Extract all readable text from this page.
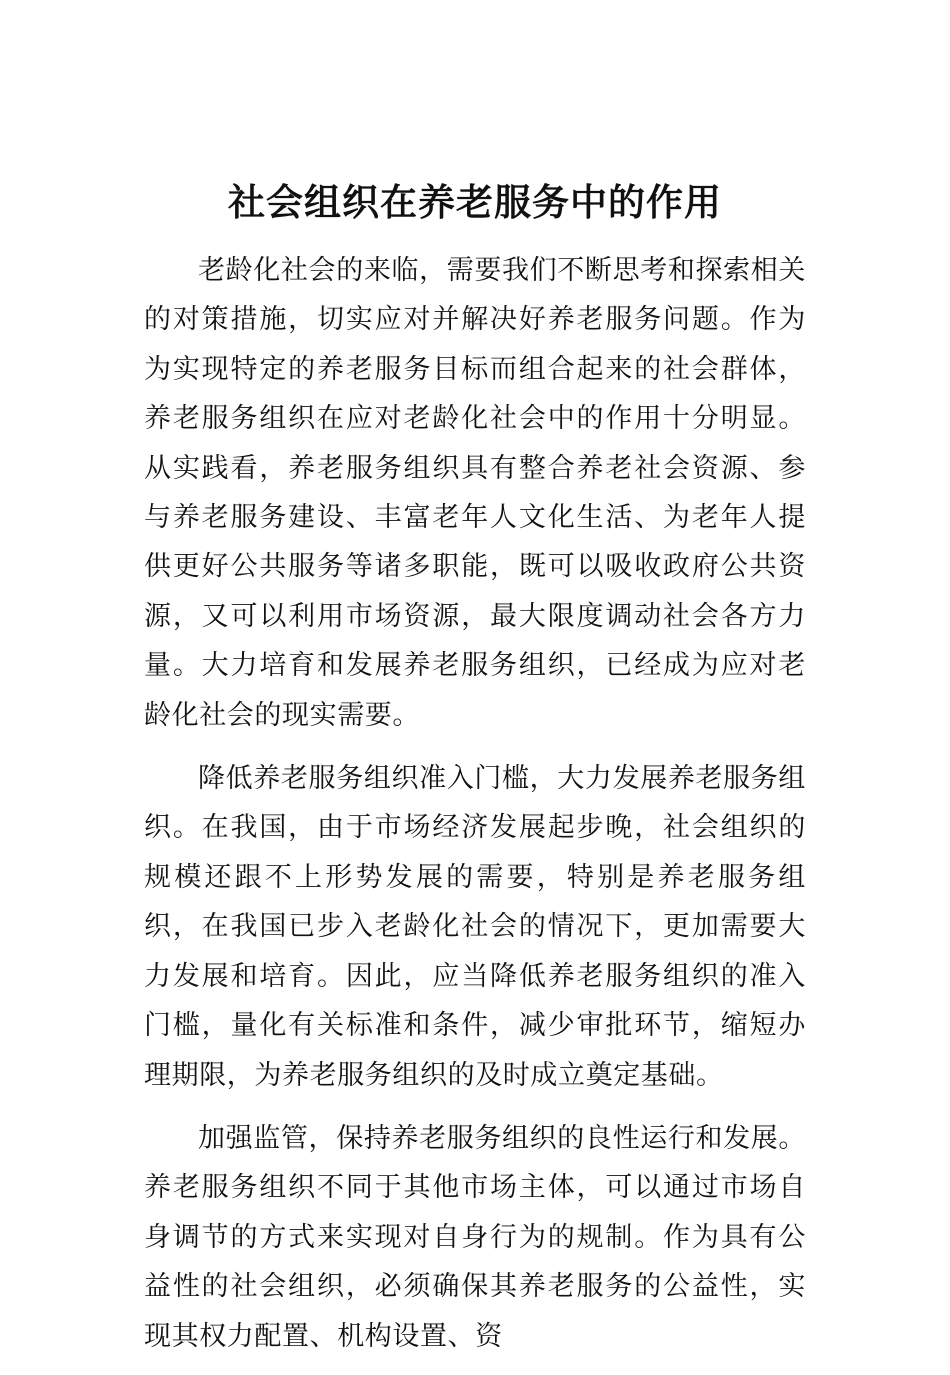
社会组织在养老服务中的作用

老龄化社会的来临，需要我们不断思考和探索相关的对策措施，切实应对并解决好养老服务问题。作为为实现特定的养老服务目标而组合起来的社会群体，养老服务组织在应对老龄化社会中的作用十分明显。从实践看，养老服务组织具有整合养老社会资源、参与养老服务建设、丰富老年人文化生活、为老年人提供更好公共服务等诸多职能，既可以吸收政府公共资源，又可以利用市场资源，最大限度调动社会各方力量。大力培育和发展养老服务组织，已经成为应对老龄化社会的现实需要。

降低养老服务组织准入门槛，大力发展养老服务组织。在我国，由于市场经济发展起步晚，社会组织的规模还跟不上形势发展的需要，特别是养老服务组织，在我国已步入老龄化社会的情况下，更加需要大力发展和培育。因此，应当降低养老服务组织的准入门槛，量化有关标准和条件，减少审批环节，缩短办理期限，为养老服务组织的及时成立奠定基础。

加强监管，保持养老服务组织的良性运行和发展。养老服务组织不同于其他市场主体，可以通过市场自身调节的方式来实现对自身行为的规制。作为具有公益性的社会组织，必须确保其养老服务的公益性，实现其权力配置、机构设置、资
